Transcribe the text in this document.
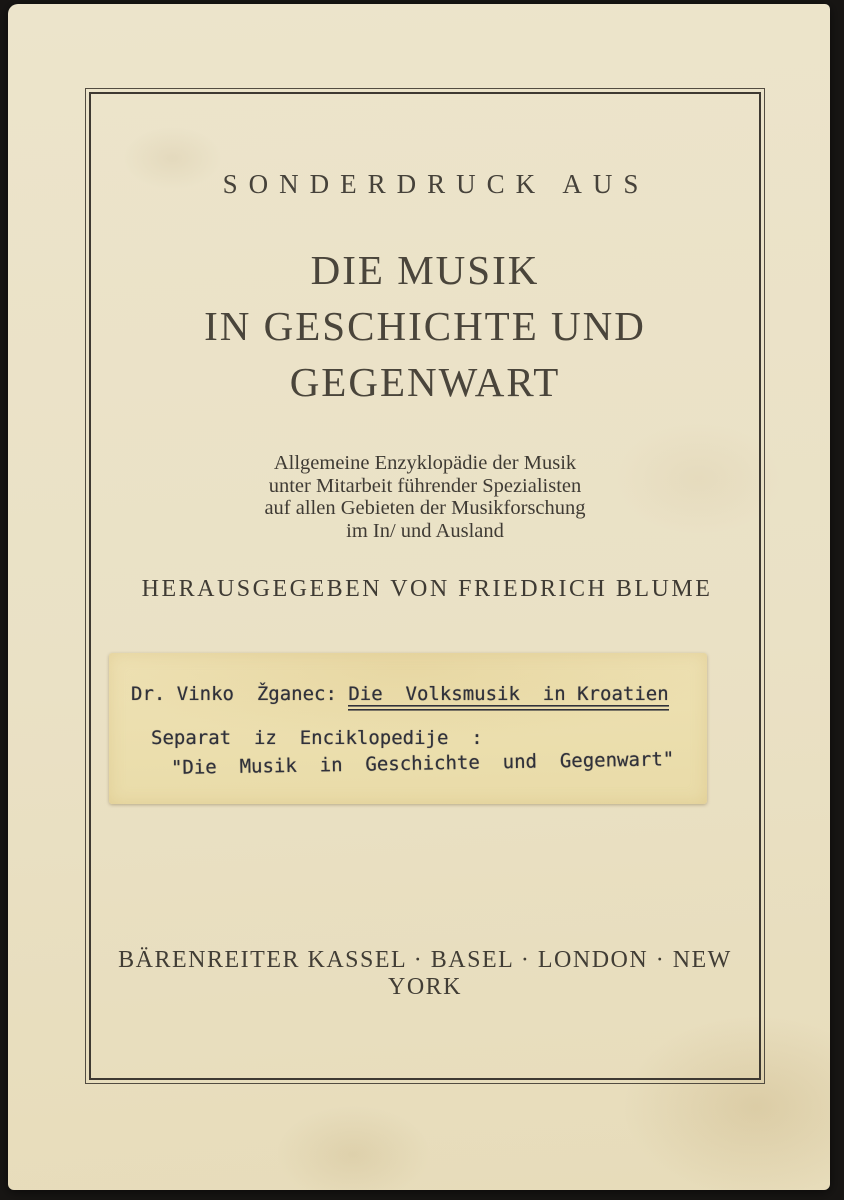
SONDERDRUCK AUS
DIE MUSIK
IN GESCHICHTE UND
GEGENWART
Allgemeine Enzyklopädie der Musik
unter Mitarbeit führender Spezialisten
auf allen Gebieten der Musikforschung
im In/ und Ausland
HERAUSGEGEBEN VON FRIEDRICH BLUME
Dr. Vinko  Žganec: Die  Volksmusik  in Kroatien
Separat  iz  Enciklopedije  :
"Die  Musik  in  Geschichte  und  Gegenwart"
BÄRENREITER KASSEL · BASEL · LONDON · NEW YORK
